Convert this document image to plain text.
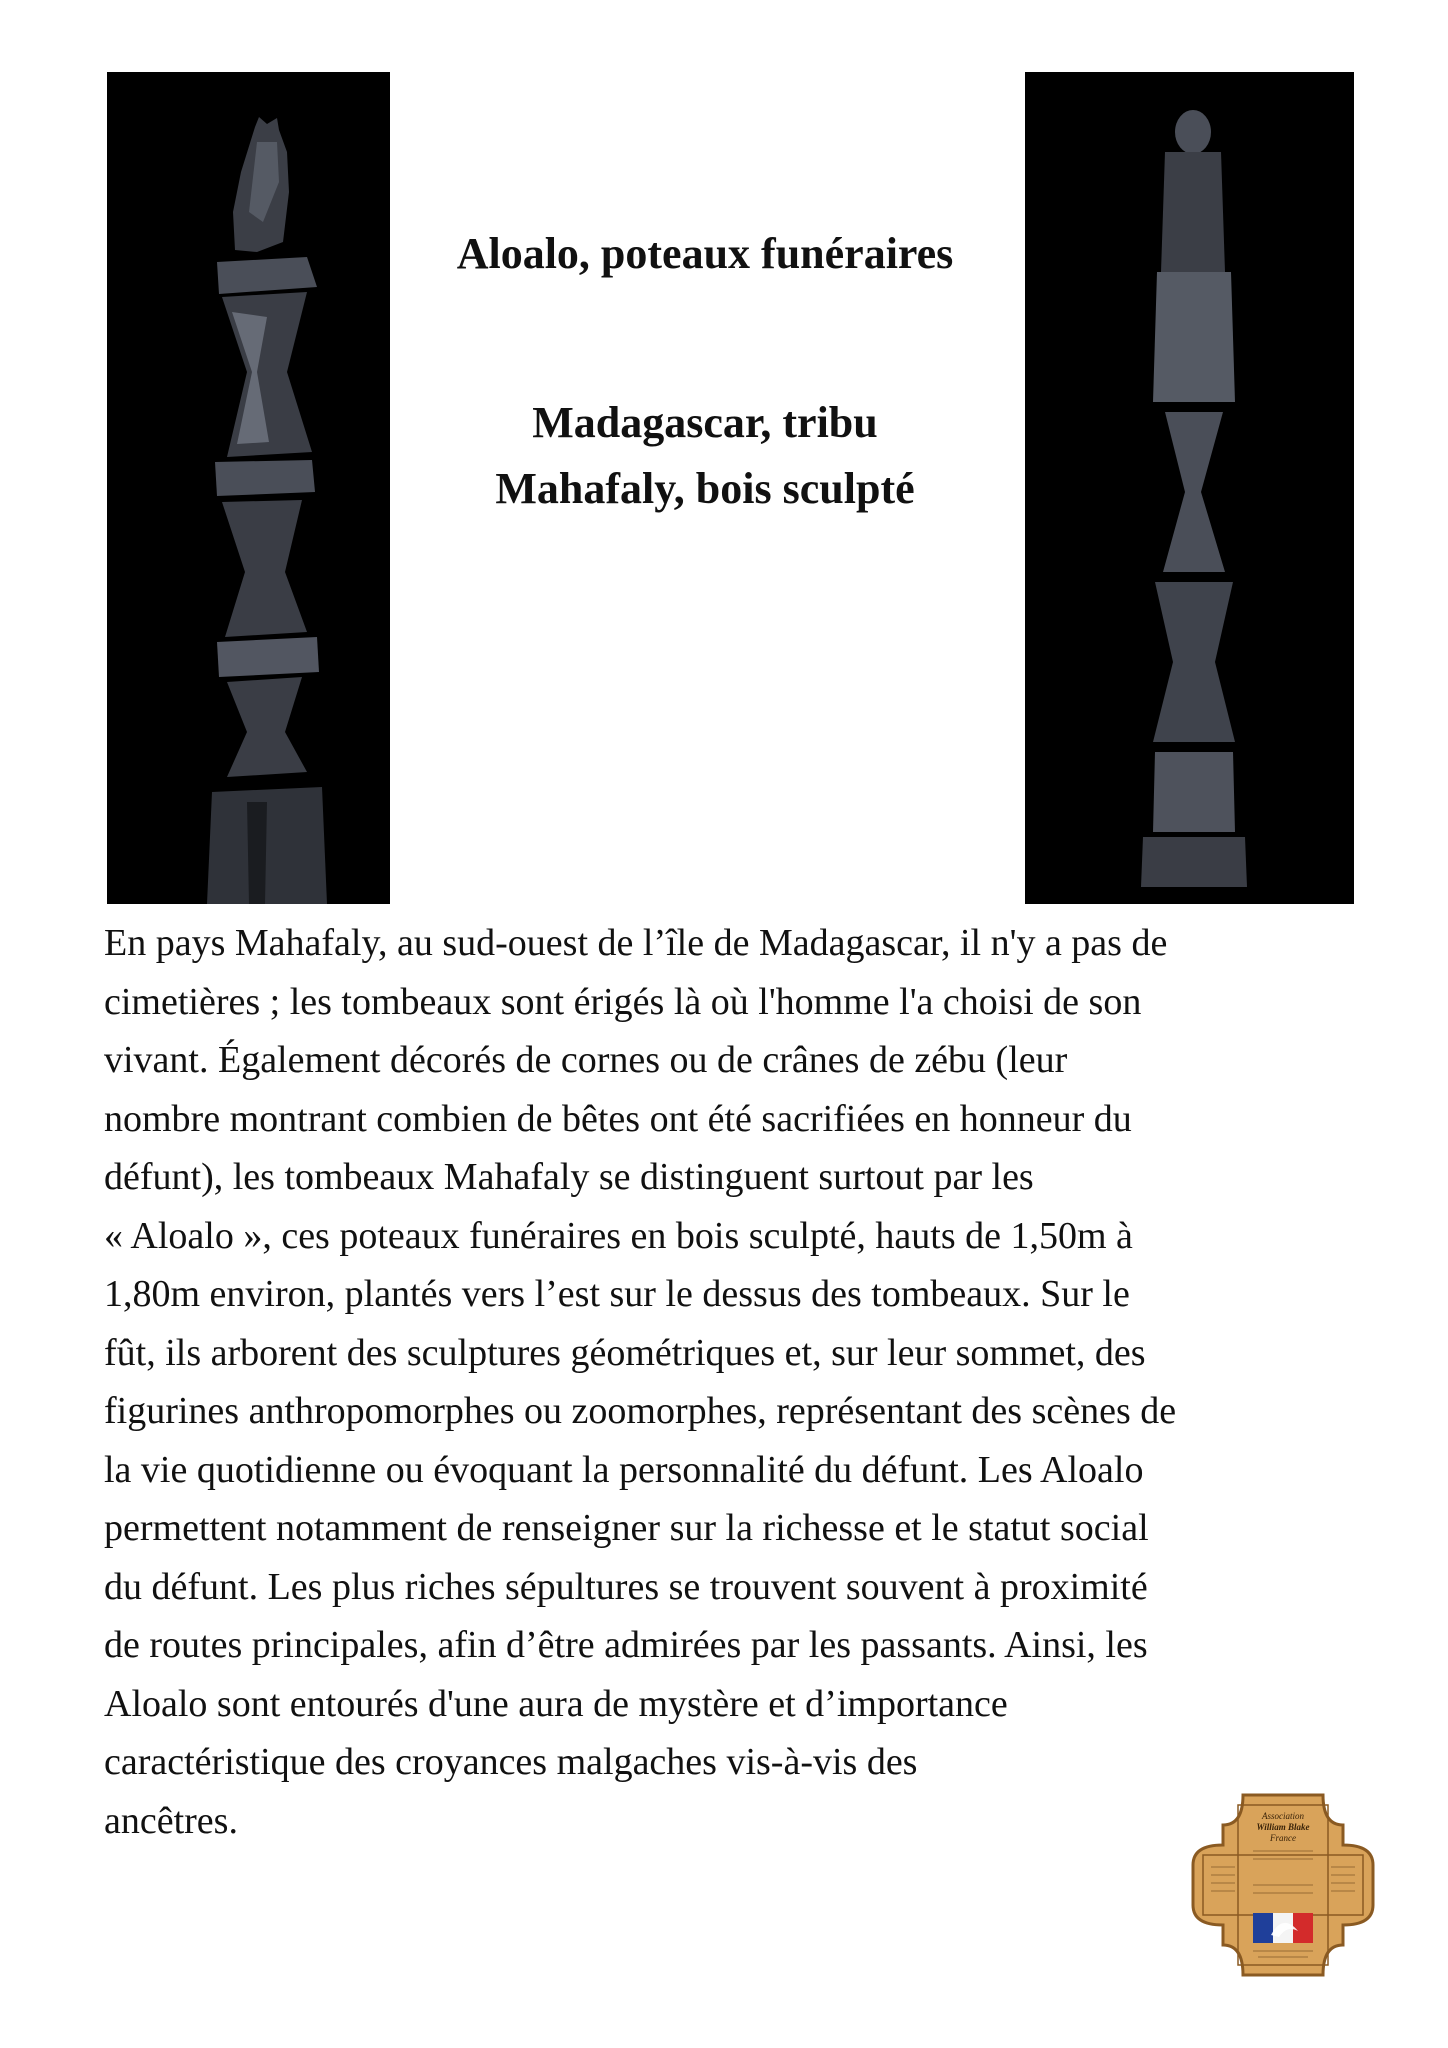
Aloalo, poteaux funéraires
Madagascar, tribu
Mahafaly, bois sculpté
En pays Mahafaly, au sud-ouest de l’île de Madagascar, il n'y a pas de
cimetières ; les tombeaux sont érigés là où l'homme l'a choisi de son
vivant. Également décorés de cornes ou de crânes de zébu (leur
nombre montrant combien de bêtes ont été sacrifiées en honneur du
défunt), les tombeaux Mahafaly se distinguent surtout par les
« Aloalo », ces poteaux funéraires en bois sculpté, hauts de 1,50m à
1,80m environ, plantés vers l’est sur le dessus des tombeaux. Sur le
fût, ils arborent des sculptures géométriques et, sur leur sommet, des
figurines anthropomorphes ou zoomorphes, représentant des scènes de
la vie quotidienne ou évoquant la personnalité du défunt. Les Aloalo
permettent notamment de renseigner sur la richesse et le statut social
du défunt. Les plus riches sépultures se trouvent souvent à proximité
de routes principales, afin d’être admirées par les passants. Ainsi, les
Aloalo sont entourés d'une aura de mystère et d’importance
caractéristique des croyances malgaches vis-à-vis des
ancêtres.	Association
William Blake
France
